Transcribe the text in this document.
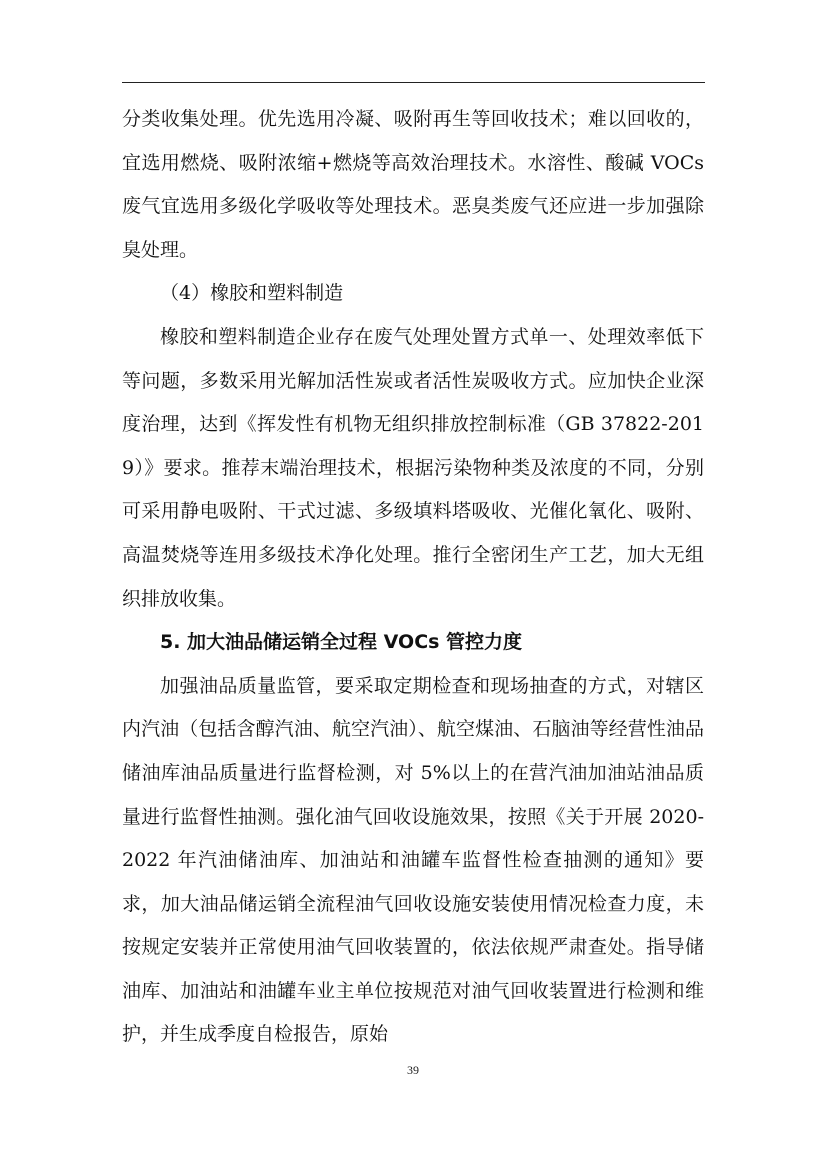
分类收集处理。优先选用冷凝、吸附再生等回收技术；难以回收的，宜选用燃烧、吸附浓缩+燃烧等高效治理技术。水溶性、酸碱 VOCs 废气宜选用多级化学吸收等处理技术。恶臭类废气还应进一步加强除臭处理。

（4）橡胶和塑料制造

橡胶和塑料制造企业存在废气处理处置方式单一、处理效率低下等问题，多数采用光解加活性炭或者活性炭吸收方式。应加快企业深度治理，达到《挥发性有机物无组织排放控制标准（GB 37822-2019）》要求。推荐末端治理技术，根据污染物种类及浓度的不同，分别可采用静电吸附、干式过滤、多级填料塔吸收、光催化氧化、吸附、高温焚烧等连用多级技术净化处理。推行全密闭生产工艺，加大无组织排放收集。

5. 加大油品储运销全过程 VOCs 管控力度

加强油品质量监管，要采取定期检查和现场抽查的方式，对辖区内汽油（包括含醇汽油、航空汽油）、航空煤油、石脑油等经营性油品储油库油品质量进行监督检测，对 5%以上的在营汽油加油站油品质量进行监督性抽测。强化油气回收设施效果，按照《关于开展 2020-2022 年汽油储油库、加油站和油罐车监督性检查抽测的通知》要求，加大油品储运销全流程油气回收设施安装使用情况检查力度，未按规定安装并正常使用油气回收装置的，依法依规严肃查处。指导储油库、加油站和油罐车业主单位按规范对油气回收装置进行检测和维护，并生成季度自检报告，原始

39
